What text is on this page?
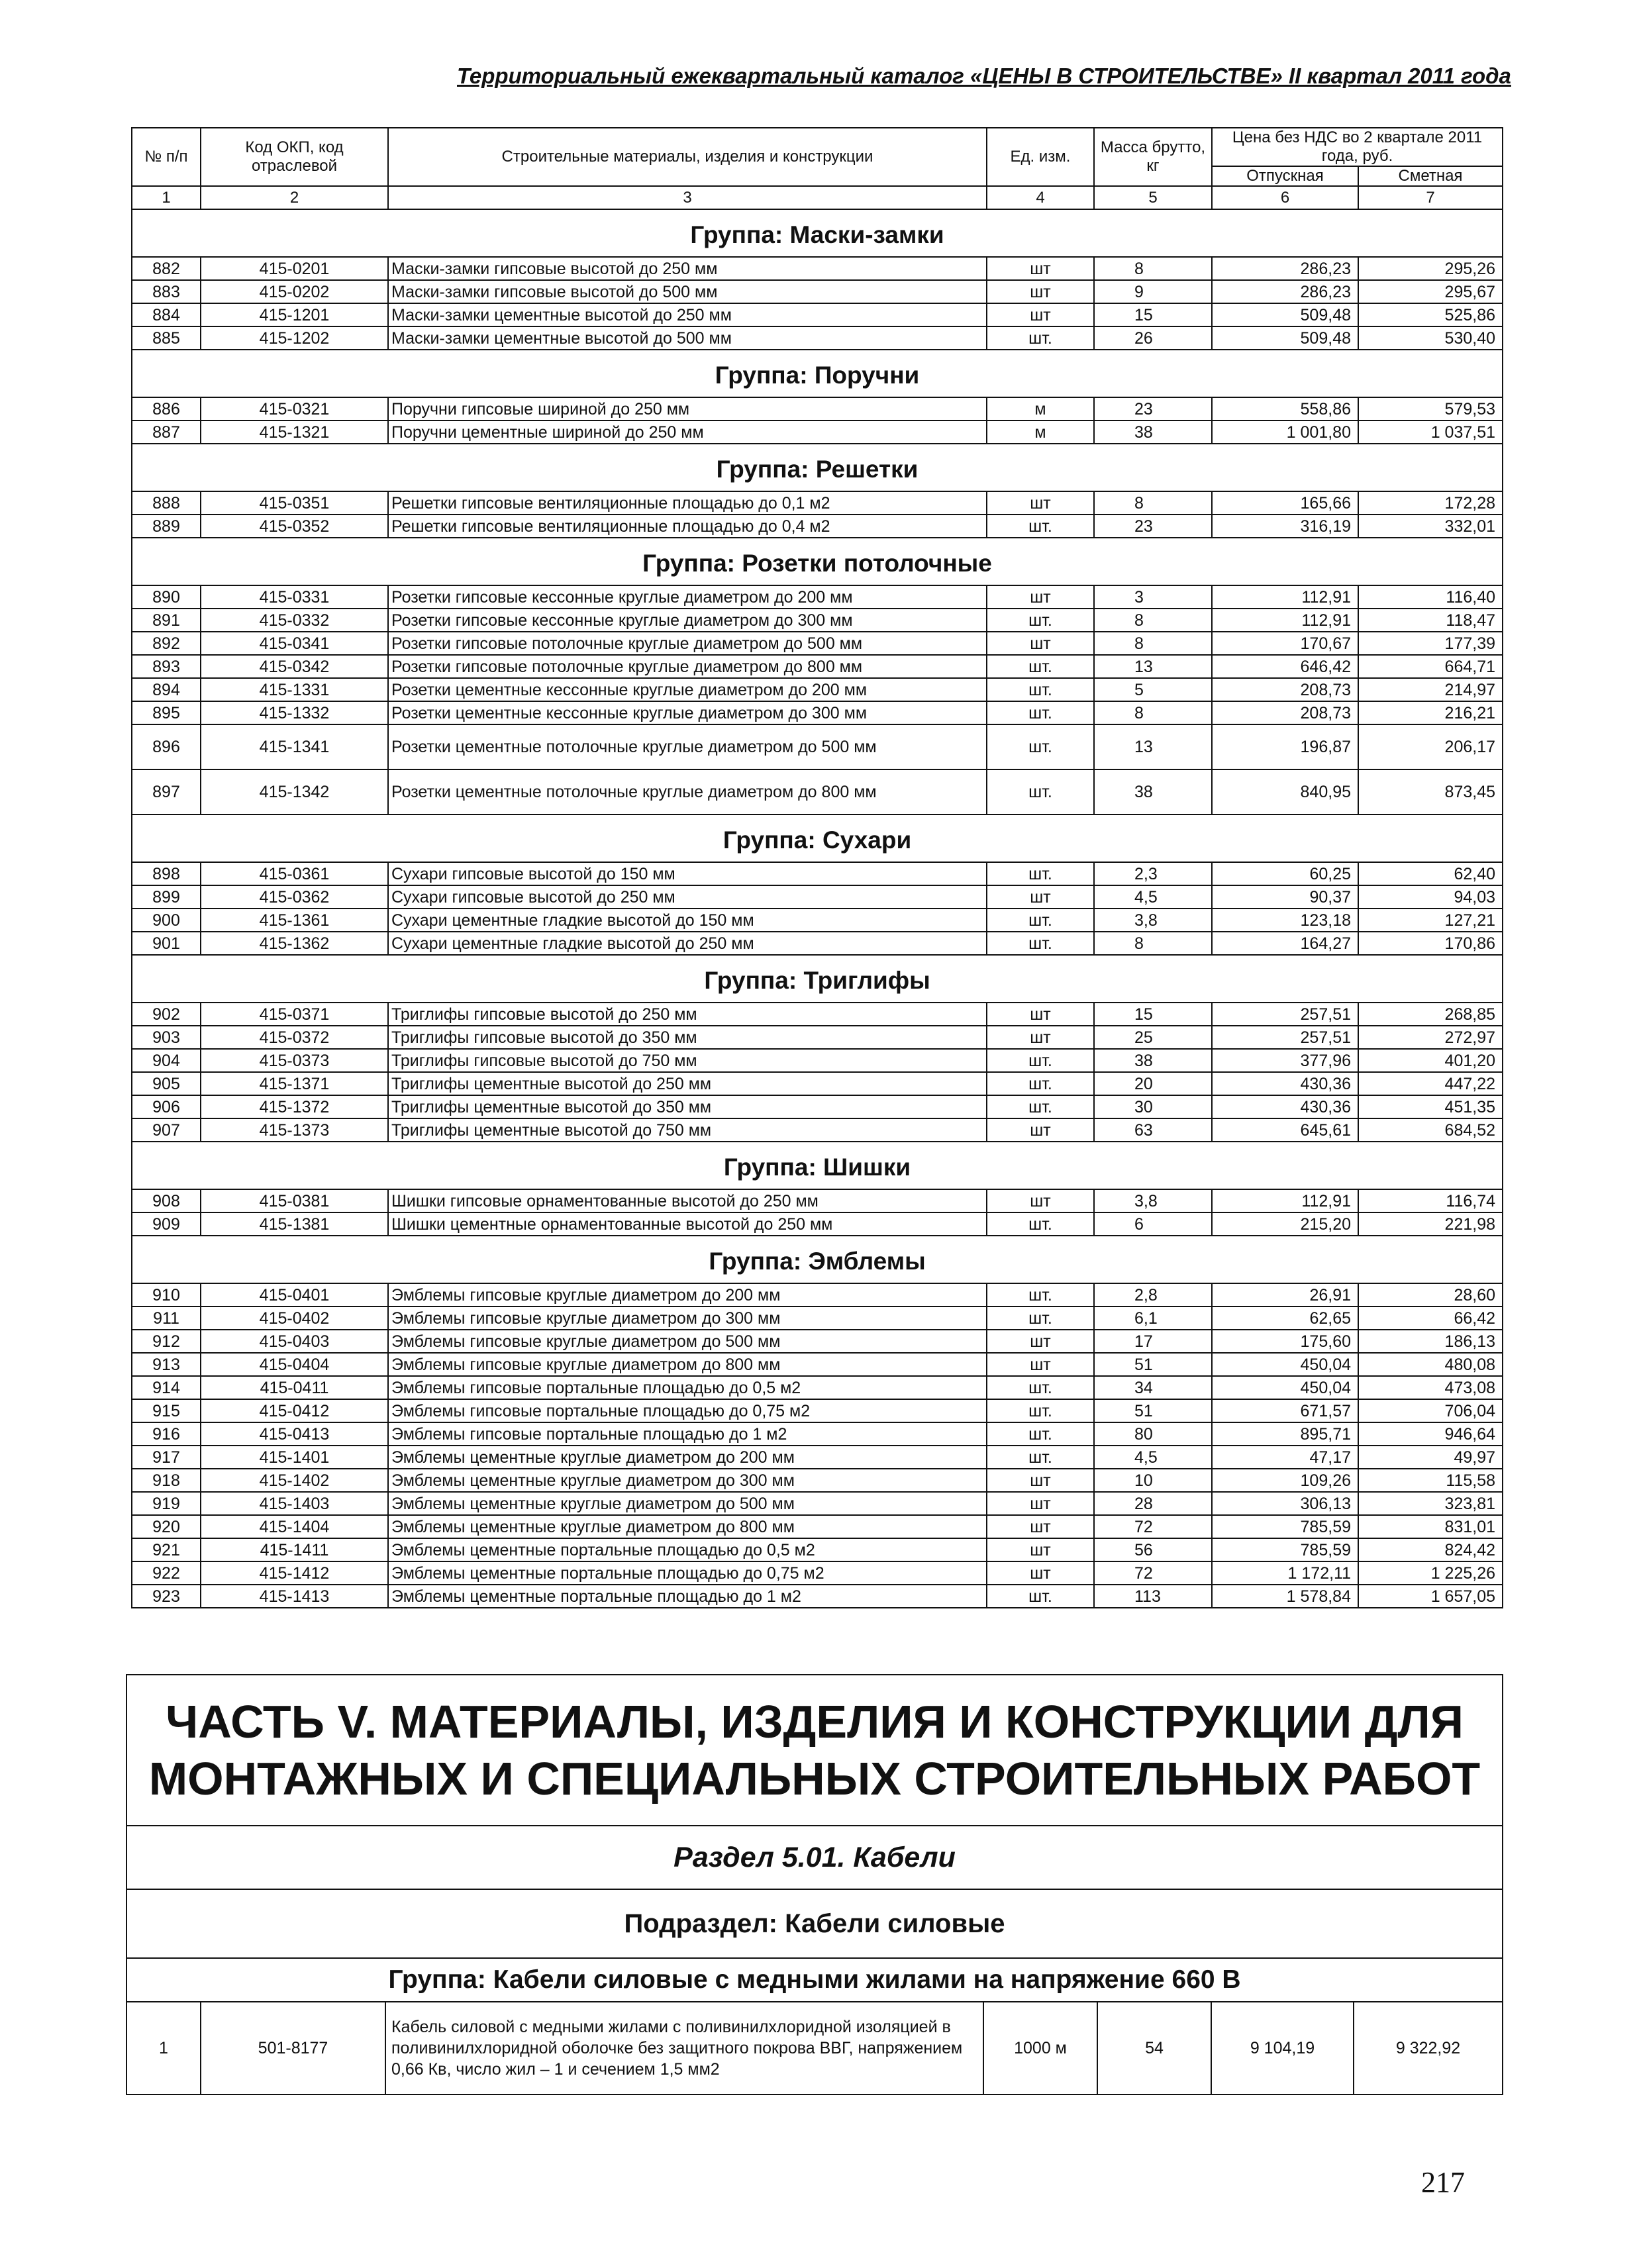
Территориальный ежеквартальный каталог «ЦЕНЫ В СТРОИТЕЛЬСТВЕ» II квартал 2011 года
№ п/п	Код ОКП, код отраслевой	Строительные материалы, изделия и конструкции	Ед. изм.	Масса брутто, кг	Цена без НДС во 2 квартале 2011 года, руб.	
					Отпускная	Сметная
1	2	3	4	5	6	7
Группа: Маски-замки						
882	415-0201	Маски-замки гипсовые высотой до 250 мм	шт	8	286,23	295,26
883	415-0202	Маски-замки гипсовые высотой до 500 мм	шт	9	286,23	295,67
884	415-1201	Маски-замки цементные высотой до 250 мм	шт	15	509,48	525,86
885	415-1202	Маски-замки цементные высотой до 500 мм	шт.	26	509,48	530,40
Группа: Поручни						
886	415-0321	Поручни гипсовые шириной до 250 мм	м	23	558,86	579,53
887	415-1321	Поручни цементные шириной до 250 мм	м	38	1 001,80	1 037,51
Группа: Решетки						
888	415-0351	Решетки гипсовые вентиляционные площадью до 0,1 м2	шт	8	165,66	172,28
889	415-0352	Решетки гипсовые вентиляционные площадью до 0,4 м2	шт.	23	316,19	332,01
Группа: Розетки потолочные						
890	415-0331	Розетки гипсовые кессонные круглые диаметром до 200 мм	шт	3	112,91	116,40
891	415-0332	Розетки гипсовые кессонные круглые диаметром до 300 мм	шт.	8	112,91	118,47
892	415-0341	Розетки гипсовые потолочные круглые диаметром до 500 мм	шт	8	170,67	177,39
893	415-0342	Розетки гипсовые потолочные круглые диаметром до 800 мм	шт.	13	646,42	664,71
894	415-1331	Розетки цементные кессонные круглые диаметром до 200 мм	шт.	5	208,73	214,97
895	415-1332	Розетки цементные кессонные круглые диаметром до 300 мм	шт.	8	208,73	216,21
896	415-1341	Розетки цементные потолочные круглые диаметром до 500 мм	шт.	13	196,87	206,17
897	415-1342	Розетки цементные потолочные круглые диаметром до 800 мм	шт.	38	840,95	873,45
Группа: Сухари						
898	415-0361	Сухари гипсовые высотой до 150 мм	шт.	2,3	60,25	62,40
899	415-0362	Сухари гипсовые высотой до 250 мм	шт	4,5	90,37	94,03
900	415-1361	Сухари цементные гладкие высотой до 150 мм	шт.	3,8	123,18	127,21
901	415-1362	Сухари цементные гладкие высотой до 250 мм	шт.	8	164,27	170,86
Группа: Триглифы						
902	415-0371	Триглифы гипсовые высотой до 250 мм	шт	15	257,51	268,85
903	415-0372	Триглифы гипсовые высотой до 350 мм	шт	25	257,51	272,97
904	415-0373	Триглифы гипсовые высотой до 750 мм	шт.	38	377,96	401,20
905	415-1371	Триглифы цементные высотой до 250 мм	шт.	20	430,36	447,22
906	415-1372	Триглифы цементные высотой до 350 мм	шт.	30	430,36	451,35
907	415-1373	Триглифы цементные высотой до 750 мм	шт	63	645,61	684,52
Группа: Шишки						
908	415-0381	Шишки гипсовые орнаментованные высотой до 250 мм	шт	3,8	112,91	116,74
909	415-1381	Шишки цементные орнаментованные высотой до 250 мм	шт.	6	215,20	221,98
Группа: Эмблемы						
910	415-0401	Эмблемы гипсовые круглые диаметром до 200 мм	шт.	2,8	26,91	28,60
911	415-0402	Эмблемы гипсовые круглые диаметром до 300 мм	шт.	6,1	62,65	66,42
912	415-0403	Эмблемы гипсовые круглые диаметром до 500 мм	шт	17	175,60	186,13
913	415-0404	Эмблемы гипсовые круглые диаметром до 800 мм	шт	51	450,04	480,08
914	415-0411	Эмблемы гипсовые портальные площадью до 0,5 м2	шт.	34	450,04	473,08
915	415-0412	Эмблемы гипсовые портальные площадью до 0,75 м2	шт.	51	671,57	706,04
916	415-0413	Эмблемы гипсовые портальные площадью до 1 м2	шт.	80	895,71	946,64
917	415-1401	Эмблемы цементные круглые диаметром до 200 мм	шт.	4,5	47,17	49,97
918	415-1402	Эмблемы цементные круглые диаметром до 300 мм	шт	10	109,26	115,58
919	415-1403	Эмблемы цементные круглые диаметром до 500 мм	шт	28	306,13	323,81
920	415-1404	Эмблемы цементные круглые диаметром до 800 мм	шт	72	785,59	831,01
921	415-1411	Эмблемы цементные портальные площадью до 0,5 м2	шт	56	785,59	824,42
922	415-1412	Эмблемы цементные портальные площадью до 0,75 м2	шт	72	1 172,11	1 225,26
923	415-1413	Эмблемы цементные портальные площадью до 1 м2	шт.	113	1 578,84	1 657,05
ЧАСТЬ V. МАТЕРИАЛЫ, ИЗДЕЛИЯ И КОНСТРУКЦИИ ДЛЯ МОНТАЖНЫХ И СПЕЦИАЛЬНЫХ СТРОИТЕЛЬНЫХ РАБОТ
Раздел 5.01. Кабели
Подраздел: Кабели силовые
Группа: Кабели силовые с медными жилами на напряжение 660 В
1	501-8177	Кабель силовой с медными жилами с поливинилхлоридной изоляцией в поливинилхлоридной оболочке без защитного покрова ВВГ, напряжением 0,66 Кв, число жил – 1 и сечением 1,5 мм2	1000 м	54	9 104,19	9 322,92
217
